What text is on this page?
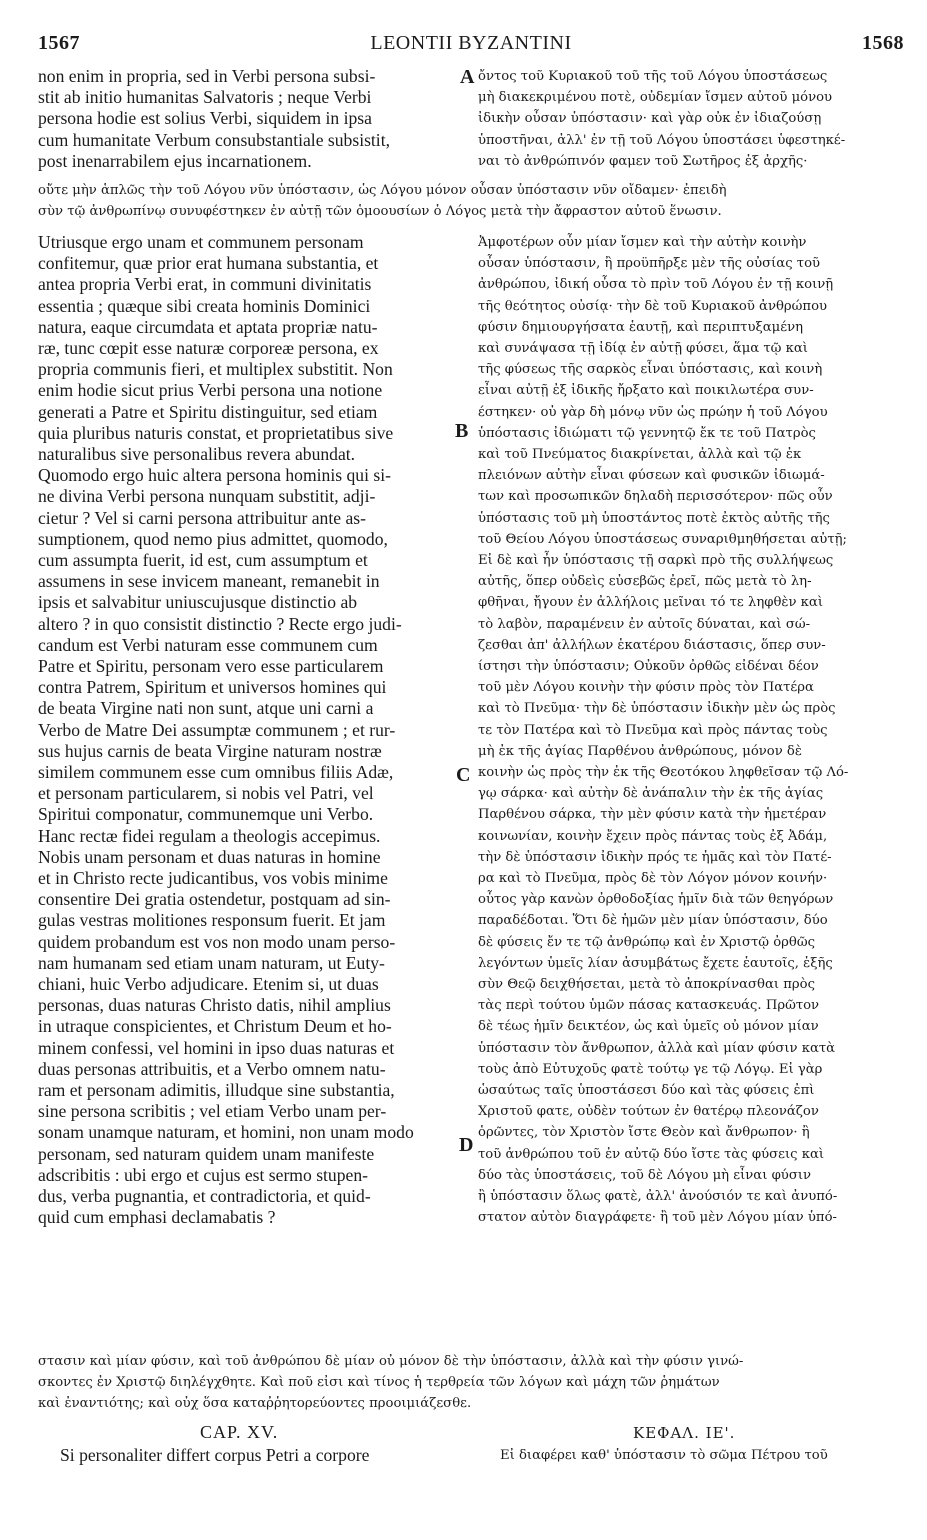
1567	LEONTII BYZANTINI	1568
non enim in propria, sed in Verbi persona subsi-
stit ab initio humanitas Salvatoris ; neque Verbi
persona hodie est solius Verbi, siquidem in ipsa
cum humanitate Verbum consubstantiale subsistit,
post inenarrabilem ejus incarnationem.
ὄντος τοῦ Κυριακοῦ τοῦ τῆς τοῦ Λόγου ὑποστάσεως
μὴ διακεκριμένου ποτὲ, οὐδεμίαν ἴσμεν αὐτοῦ μόνου
ἰδικὴν οὖσαν ὑπόστασιν· καὶ γὰρ οὐκ ἐν ἰδιαζούσῃ
ὑποστῆναι, ἀλλ' ἐν τῇ τοῦ Λόγου ὑποστάσει ὑφεστηκέ-
ναι τὸ ἀνθρώπινόν φαμεν τοῦ Σωτῆρος ἐξ ἀρχῆς·
οὔτε μὴν ἁπλῶς τὴν τοῦ Λόγου νῦν ὑπόστασιν, ὡς Λόγου μόνον οὖσαν ὑπόστασιν νῦν οἴδαμεν· ἐπειδὴ
σὺν τῷ ἀνθρωπίνῳ συνυφέστηκεν ἐν αὐτῇ τῶν ὁμοουσίων ὁ Λόγος μετὰ τὴν ἄφραστον αὐτοῦ ἕνωσιν.
Utriusque ergo unam et communem personam
confitemur, quæ prior erat humana substantia, et
antea propria Verbi erat, in communi divinitatis
essentia ; quæque sibi creata hominis Dominici
natura, eaque circumdata et aptata propriæ natu-
ræ, tunc cœpit esse naturæ corporeæ persona, ex
propria communis fieri, et multiplex substitit. Non
enim hodie sicut prius Verbi persona una notione
generati a Patre et Spiritu distinguitur, sed etiam
quia pluribus naturis constat, et proprietatibus sive
naturalibus sive personalibus revera abundat.
Quomodo ergo huic altera persona hominis qui si-
ne divina Verbi persona nunquam substitit, adji-
cietur ? Vel si carni persona attribuitur ante as-
sumptionem, quod nemo pius admittet, quomodo,
cum assumpta fuerit, id est, cum assumptum et
assumens in sese invicem maneant, remanebit in
ipsis et salvabitur uniuscujusque distinctio ab
altero ? in quo consistit distinctio ? Recte ergo judi-
candum est Verbi naturam esse communem cum
Patre et Spiritu, personam vero esse particularem
contra Patrem, Spiritum et universos homines qui
de beata Virgine nati non sunt, atque uni carni a
Verbo de Matre Dei assumptæ communem ; et rur-
sus hujus carnis de beata Virgine naturam nostræ
similem communem esse cum omnibus filiis Adæ,
et personam particularem, si nobis vel Patri, vel
Spiritui componatur, communemque uni Verbo.
Hanc rectæ fidei regulam a theologis accepimus.
Nobis unam personam et duas naturas in homine
et in Christo recte judicantibus, vos vobis minime
consentire Dei gratia ostendetur, postquam ad sin-
gulas vestras molitiones responsum fuerit. Et jam
quidem probandum est vos non modo unam perso-
nam humanam sed etiam unam naturam, ut Euty-
chiani, huic Verbo adjudicare. Etenim si, ut duas
personas, duas naturas Christo datis, nihil amplius
in utraque conspicientes, et Christum Deum et ho-
minem confessi, vel homini in ipso duas naturas et
duas personas attribuitis, et a Verbo omnem natu-
ram et personam adimitis, illudque sine substantia,
sine persona scribitis ; vel etiam Verbo unam per-
sonam unamque naturam, et homini, non unam modo
personam, sed naturam quidem unam manifeste
adscribitis : ubi ergo et cujus est sermo stupen-
dus, verba pugnantia, et contradictoria, et quid-
quid cum emphasi declamabatis ?
Ἀμφοτέρων οὖν μίαν ἴσμεν καὶ τὴν αὐτὴν κοινὴν
οὖσαν ὑπόστασιν, ἢ προϋπῆρξε μὲν τῆς οὐσίας τοῦ
ἀνθρώπου, ἰδική οὖσα τὸ πρὶν τοῦ Λόγου ἐν τῇ κοινῇ
τῆς θεότητος οὐσίᾳ· τὴν δὲ τοῦ Κυριακοῦ ἀνθρώπου
φύσιν δημιουργήσατα ἑαυτῇ, καὶ περιπτυξαμένη
καὶ συνάψασα τῇ ἰδίᾳ ἐν αὐτῇ φύσει, ἅμα τῷ καὶ
τῆς φύσεως τῆς σαρκὸς εἶναι ὑπόστασις, καὶ κοινὴ
εἶναι αὐτῇ ἐξ ἰδικῆς ἤρξατο καὶ ποικιλωτέρα συν-
έστηκεν· οὐ γὰρ δὴ μόνῳ νῦν ὡς πρώην ἡ τοῦ Λόγου
ὑπόστασις ἰδιώματι τῷ γεννητῷ ἔκ τε τοῦ Πατρὸς
καὶ τοῦ Πνεύματος διακρίνεται, ἀλλὰ καὶ τῷ ἐκ
πλειόνων αὐτὴν εἶναι φύσεων καὶ φυσικῶν ἰδιωμά-
των καὶ προσωπικῶν δηλαδὴ περισσότερον· πῶς οὖν
ὑπόστασις τοῦ μὴ ὑποστάντος ποτὲ ἐκτὸς αὐτῆς τῆς
τοῦ Θείου Λόγου ὑποστάσεως συναριθμηθήσεται αὐτῇ;
Εἰ δὲ καὶ ἦν ὑπόστασις τῇ σαρκὶ πρὸ τῆς συλλήψεως
αὐτῆς, ὅπερ οὐδεὶς εὐσεβῶς ἐρεῖ, πῶς μετὰ τὸ λη-
φθῆναι, ἤγουν ἐν ἀλλήλοις μεῖναι τό τε ληφθὲν καὶ
τὸ λαβὸν, παραμένειν ἐν αὐτοῖς δύναται, καὶ σώ-
ζεσθαι ἀπ' ἀλλήλων ἑκατέρου διάστασις, ὅπερ συν-
ίστησι τὴν ὑπόστασιν; Οὐκοῦν ὀρθῶς εἰδέναι δέον
τοῦ μὲν Λόγου κοινὴν τὴν φύσιν πρὸς τὸν Πατέρα
καὶ τὸ Πνεῦμα· τὴν δὲ ὑπόστασιν ἰδικὴν μὲν ὡς πρὸς
τε τὸν Πατέρα καὶ τὸ Πνεῦμα καὶ πρὸς πάντας τοὺς
μὴ ἐκ τῆς ἁγίας Παρθένου ἀνθρώπους, μόνον δὲ
κοινὴν ὡς πρὸς τὴν ἐκ τῆς Θεοτόκου ληφθεῖσαν τῷ Λό-
γῳ σάρκα· καὶ αὐτὴν δὲ ἀνάπαλιν τὴν ἐκ τῆς ἁγίας
Παρθένου σάρκα, τὴν μὲν φύσιν κατὰ τὴν ἡμετέραν
κοινωνίαν, κοινὴν ἔχειν πρὸς πάντας τοὺς ἐξ Ἀδάμ,
τὴν δὲ ὑπόστασιν ἰδικὴν πρός τε ἡμᾶς καὶ τὸν Πατέ-
ρα καὶ τὸ Πνεῦμα, πρὸς δὲ τὸν Λόγον μόνον κοινήν·
οὗτος γὰρ κανὼν ὀρθοδοξίας ἡμῖν διὰ τῶν θεηγόρων
παραδέδοται. Ὅτι δὲ ἡμῶν μὲν μίαν ὑπόστασιν, δύο
δὲ φύσεις ἔν τε τῷ ἀνθρώπῳ καὶ ἐν Χριστῷ ὀρθῶς
λεγόντων ὑμεῖς λίαν ἀσυμβάτως ἔχετε ἑαυτοῖς, ἑξῆς
σὺν Θεῷ δειχθήσεται, μετὰ τὸ ἀποκρίνασθαι πρὸς
τὰς περὶ τούτου ὑμῶν πάσας κατασκευάς. Πρῶτον
δὲ τέως ἡμῖν δεικτέον, ὡς καὶ ὑμεῖς οὐ μόνον μίαν
ὑπόστασιν τὸν ἄνθρωπον, ἀλλὰ καὶ μίαν φύσιν κατὰ
τοὺς ἀπὸ Εὐτυχοῦς φατὲ τούτῳ γε τῷ Λόγῳ. Εἰ γὰρ
ὡσαύτως ταῖς ὑποστάσεσι δύο καὶ τὰς φύσεις ἐπὶ
Χριστοῦ φατε, οὐδὲν τούτων ἐν θατέρῳ πλεονάζον
ὁρῶντες, τὸν Χριστὸν ἴστε Θεὸν καὶ ἄνθρωπον· ἢ
τοῦ ἀνθρώπου τοῦ ἐν αὐτῷ δύο ἴστε τὰς φύσεις καὶ
δύο τὰς ὑποστάσεις, τοῦ δὲ Λόγου μὴ εἶναι φύσιν
ἢ ὑπόστασιν ὅλως φατὲ, ἀλλ' ἀνούσιόν τε καὶ ἀνυπό-
στατον αὐτὸν διαγράφετε· ἢ τοῦ μὲν Λόγου μίαν ὑπό-
στασιν καὶ μίαν φύσιν, καὶ τοῦ ἀνθρώπου δὲ μίαν οὐ μόνον δὲ τὴν ὑπόστασιν, ἀλλὰ καὶ τὴν φύσιν γινώ-
σκοντες ἐν Χριστῷ διηλέγχθητε. Καὶ ποῦ εἰσι καὶ τίνος ἡ τερθρεία τῶν λόγων καὶ μάχη τῶν ῥημάτων
καὶ ἐναντιότης; καὶ οὐχ ὅσα καταῤῥητορεύοντες προοιμιάζεσθε.
A
B
C
D
CAP. XV.	ΚΕΦΑΛ. ΙΕ'.
Si personaliter differt corpus Petri a corpore	Εἰ διαφέρει καθ' ὑπόστασιν τὸ σῶμα Πέτρου τοῦ
